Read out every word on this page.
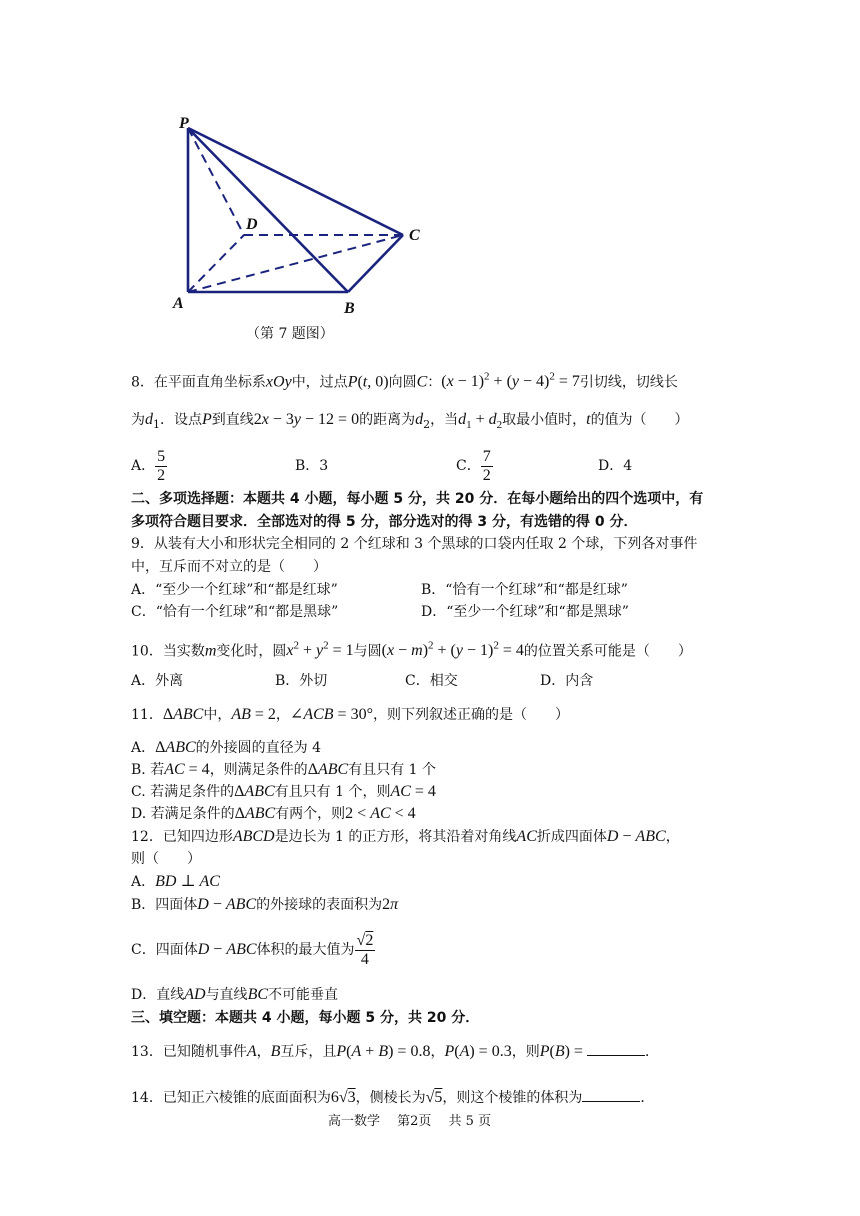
P
D
C
A	B
（第 7 题图）
8．在平面直角坐标系xOy中，过点P(t, 0)向圆C：$(x - 1)^2 + (y - 4)^2 = 7$引切线，切线长
为$d_1$．设点P到直线2x − 3y − 12 = 0的距离为$d_2$，当$d_1 + d_2$取最小值时，t的值为（　　）
A． $\frac{5}{2}$	B．3	C． $\frac{7}{2}$	D．4
二、多项选择题：本题共 4 小题，每小题 5 分，共 20 分．在每小题给出的四个选项中，有
多项符合题目要求．全部选对的得 5 分，部分选对的得 3 分，有选错的得 0 分．
9．从装有大小和形状完全相同的 2 个红球和 3 个黑球的口袋内任取 2 个球，下列各对事件
中，互斥而不对立的是（　　）
A．“至少一个红球”和“都是红球”	B．“恰有一个红球”和“都是红球”
C．“恰有一个红球”和“都是黑球”	D．“至少一个红球”和“都是黑球”
10．当实数m变化时，圆$x^2 + y^2 = 1$与圆$(x - m)^2 + (y - 1)^2 = 4$的位置关系可能是（　　）
A．外离	B．外切	C．相交	D．内含
11．ΔABC中，AB = 2，∠ACB = 30°，则下列叙述正确的是（　　）
A．ΔABC的外接圆的直径为 4
B. 若AC = 4，则满足条件的ΔABC有且只有 1 个
C. 若满足条件的ΔABC有且只有 1 个，则AC = 4
D. 若满足条件的ΔABC有两个，则2 < AC < 4
12．已知四边形ABCD是边长为 1 的正方形，将其沿着对角线AC折成四面体D − ABC，
则（　　）
A．BD ⊥ AC
B．四面体D − ABC的外接球的表面积为2π
C．四面体D − ABC体积的最大值为 $\frac{√2}{4}$
D．直线AD与直线BC不可能垂直
三、填空题：本题共 4 小题，每小题 5 分，共 20 分．
13．已知随机事件A，B互斥，且P(A + B) = 0.8，P(A) = 0.3，则P(B) =	．
14．已知正六棱锥的底面面积为6√3，侧棱长为√5，则这个棱锥的体积为	．
高一数学　 第2页　 共 5 页
